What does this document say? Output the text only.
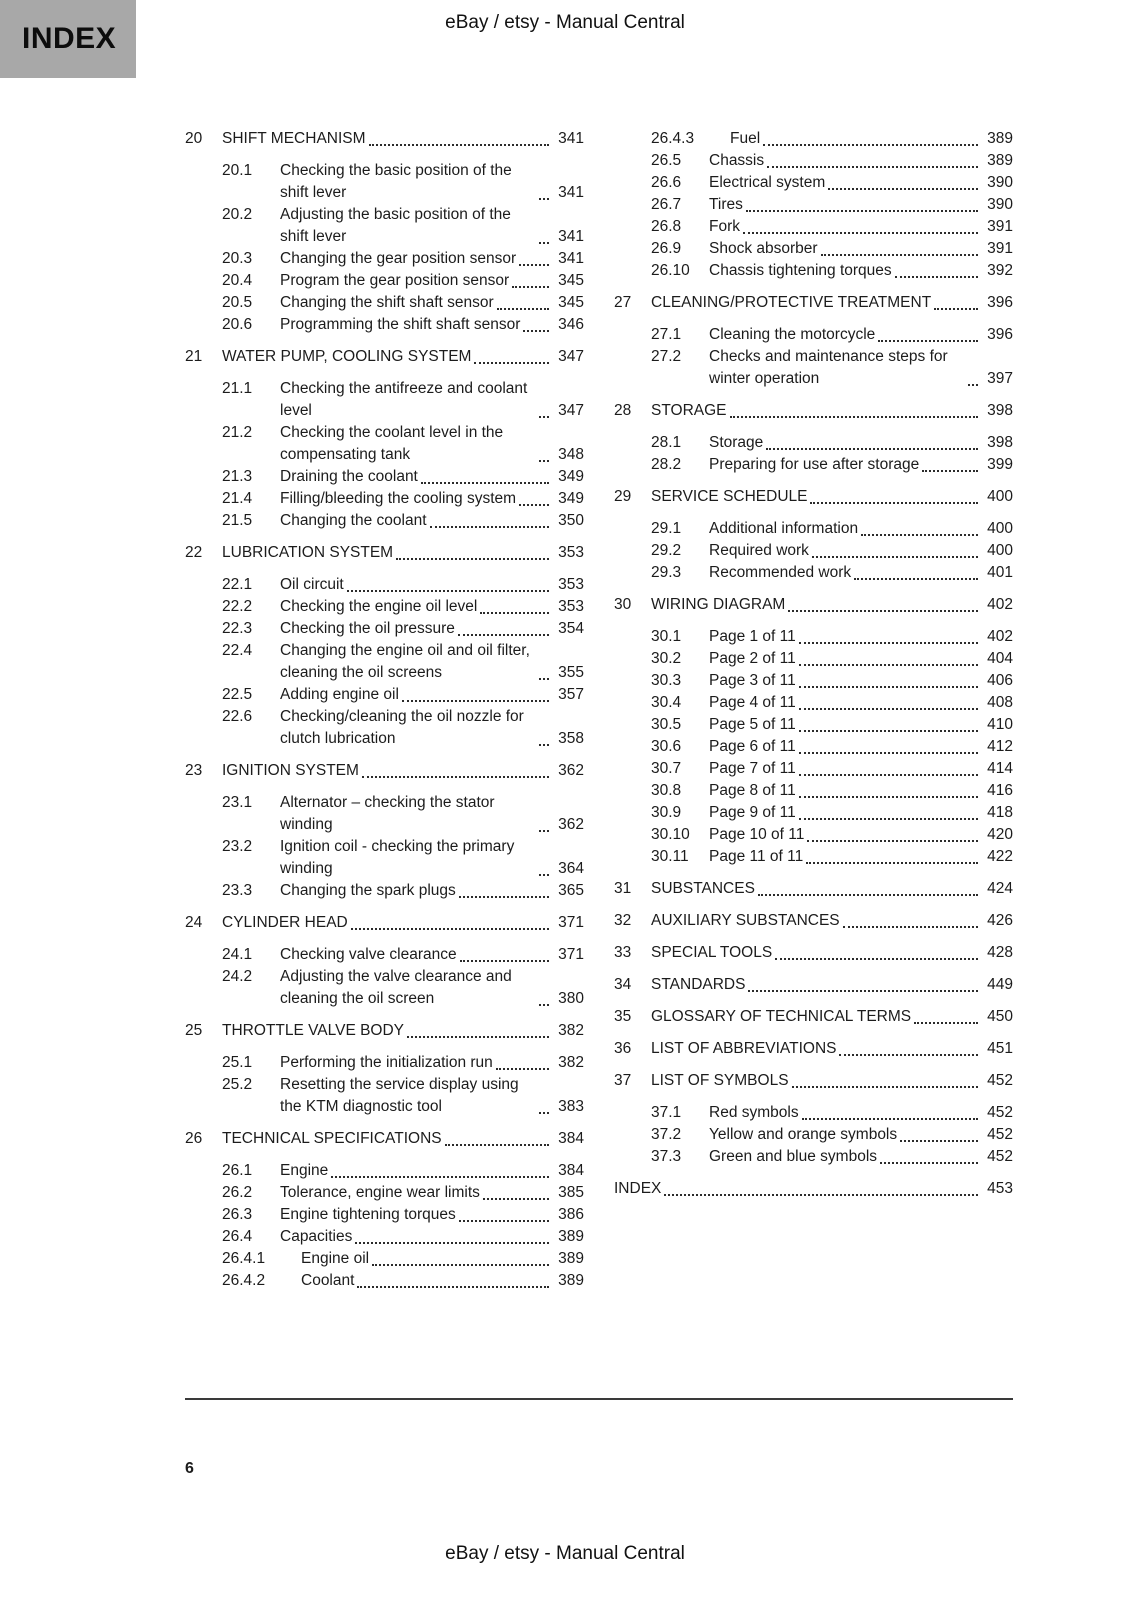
INDEX	eBay / etsy - Manual Central
20	SHIFT MECHANISM	341
20.1	Checking the basic position of the shift lever	341
20.2	Adjusting the basic position of the shift lever	341
20.3	Changing the gear position sensor	341
20.4	Program the gear position sensor	345
20.5	Changing the shift shaft sensor	345
20.6	Programming the shift shaft sensor	346
21	WATER PUMP, COOLING SYSTEM	347
21.1	Checking the antifreeze and coolant level	347
21.2	Checking the coolant level in the compensating tank	348
21.3	Draining the coolant	349
21.4	Filling/bleeding the cooling system	349
21.5	Changing the coolant	350
22	LUBRICATION SYSTEM	353
22.1	Oil circuit	353
22.2	Checking the engine oil level	353
22.3	Checking the oil pressure	354
22.4	Changing the engine oil and oil filter, cleaning the oil screens	355
22.5	Adding engine oil	357
22.6	Checking/cleaning the oil nozzle for clutch lubrication	358
23	IGNITION SYSTEM	362
23.1	Alternator – checking the stator winding	362
23.2	Ignition coil - checking the primary winding	364
23.3	Changing the spark plugs	365
24	CYLINDER HEAD	371
24.1	Checking valve clearance	371
24.2	Adjusting the valve clearance and cleaning the oil screen	380
25	THROTTLE VALVE BODY	382
25.1	Performing the initialization run	382
25.2	Resetting the service display using the KTM diagnostic tool	383
26	TECHNICAL SPECIFICATIONS	384
26.1	Engine	384
26.2	Tolerance, engine wear limits	385
26.3	Engine tightening torques	386
26.4	Capacities	389
26.4.1	Engine oil	389
26.4.2	Coolant	389
26.4.3	Fuel	389
26.5	Chassis	389
26.6	Electrical system	390
26.7	Tires	390
26.8	Fork	391
26.9	Shock absorber	391
26.10	Chassis tightening torques	392
27	CLEANING/PROTECTIVE TREATMENT	396
27.1	Cleaning the motorcycle	396
27.2	Checks and maintenance steps for winter operation	397
28	STORAGE	398
28.1	Storage	398
28.2	Preparing for use after storage	399
29	SERVICE SCHEDULE	400
29.1	Additional information	400
29.2	Required work	400
29.3	Recommended work	401
30	WIRING DIAGRAM	402
30.1	Page 1 of 11	402
30.2	Page 2 of 11	404
30.3	Page 3 of 11	406
30.4	Page 4 of 11	408
30.5	Page 5 of 11	410
30.6	Page 6 of 11	412
30.7	Page 7 of 11	414
30.8	Page 8 of 11	416
30.9	Page 9 of 11	418
30.10	Page 10 of 11	420
30.11	Page 11 of 11	422
31	SUBSTANCES	424
32	AUXILIARY SUBSTANCES	426
33	SPECIAL TOOLS	428
34	STANDARDS	449
35	GLOSSARY OF TECHNICAL TERMS	450
36	LIST OF ABBREVIATIONS	451
37	LIST OF SYMBOLS	452
37.1	Red symbols	452
37.2	Yellow and orange symbols	452
37.3	Green and blue symbols	452
INDEX	453
6
eBay / etsy - Manual Central
